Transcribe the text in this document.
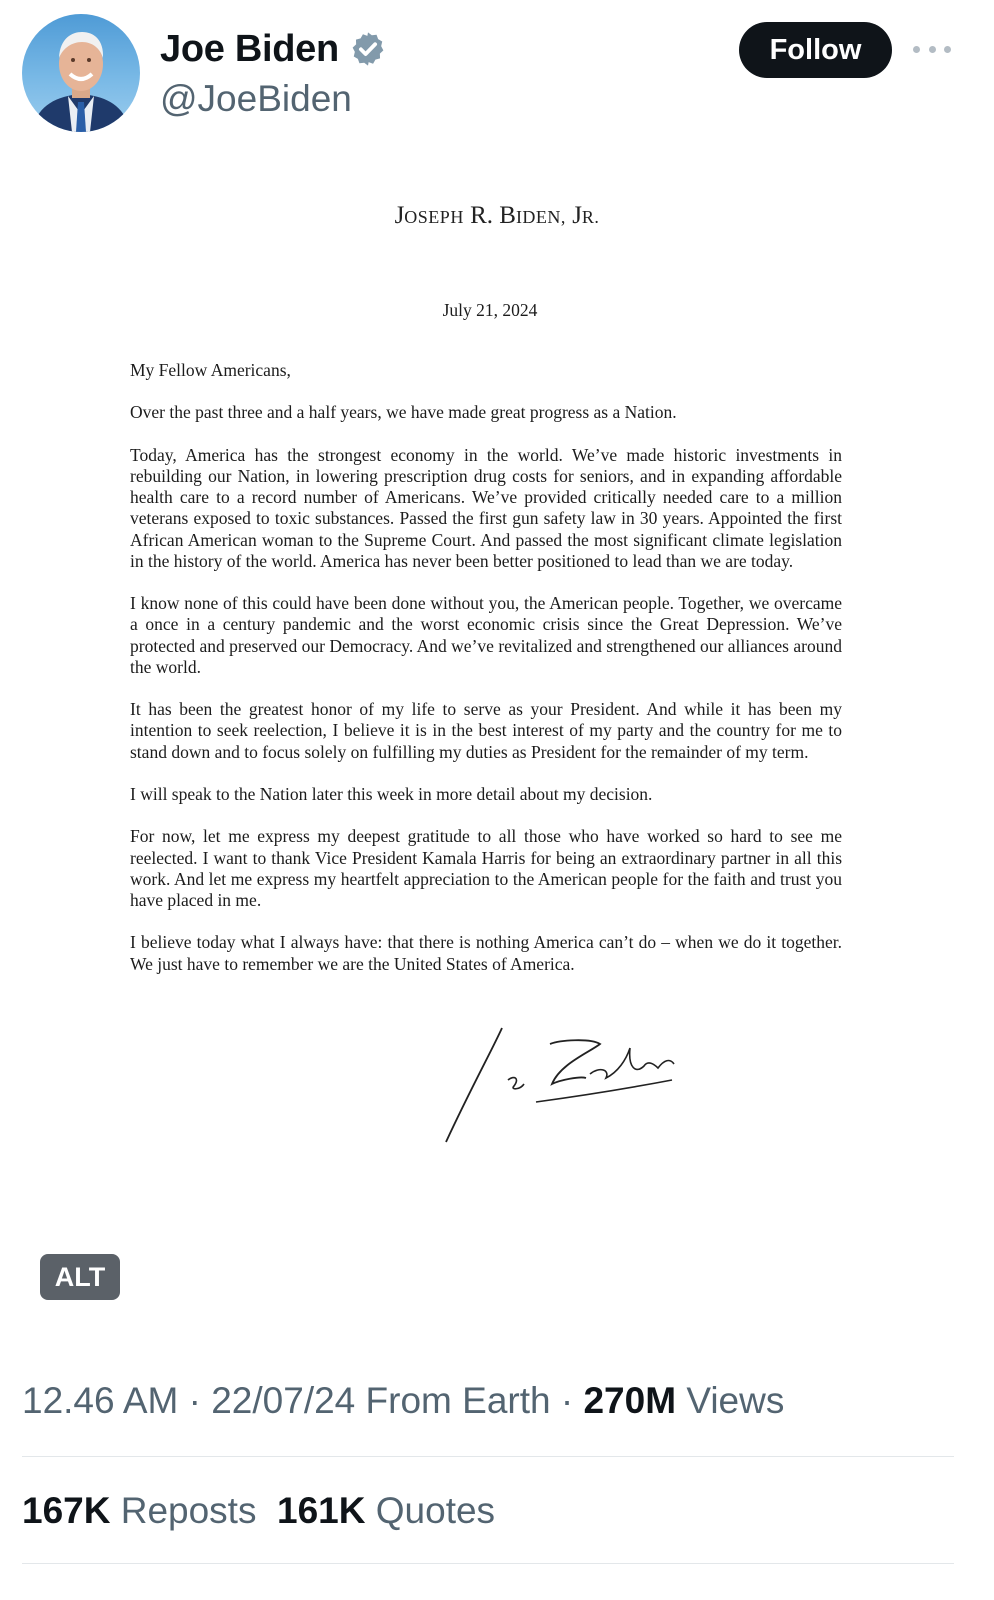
Joe Biden
@JoeBiden
Follow
JOSEPH R. BIDEN, JR.
July 21, 2024

My Fellow Americans,

Over the past three and a half years, we have made great progress as a Nation.

Today, America has the strongest economy in the world. We’ve made historic investments in rebuilding our Nation, in lowering prescription drug costs for seniors, and in expanding affordable health care to a record number of Americans. We’ve provided critically needed care to a million veterans exposed to toxic substances. Passed the first gun safety law in 30 years. Appointed the first African American woman to the Supreme Court. And passed the most significant climate legislation in the history of the world. America has never been better positioned to lead than we are today.

I know none of this could have been done without you, the American people. Together, we overcame a once in a century pandemic and the worst economic crisis since the Great Depression. We’ve protected and preserved our Democracy. And we’ve revitalized and strengthened our alliances around the world.

It has been the greatest honor of my life to serve as your President. And while it has been my intention to seek reelection, I believe it is in the best interest of my party and the country for me to stand down and to focus solely on fulfilling my duties as President for the remainder of my term.

I will speak to the Nation later this week in more detail about my decision.

For now, let me express my deepest gratitude to all those who have worked so hard to see me reelected. I want to thank Vice President Kamala Harris for being an extraordinary partner in all this work. And let me express my heartfelt appreciation to the American people for the faith and trust you have placed in me.

I believe today what I always have: that there is nothing America can’t do – when we do it together. We just have to remember we are the United States of America.

ALT
12.46 AM · 22/07/24 From Earth · 270M Views
167K Reposts 161K Quotes
